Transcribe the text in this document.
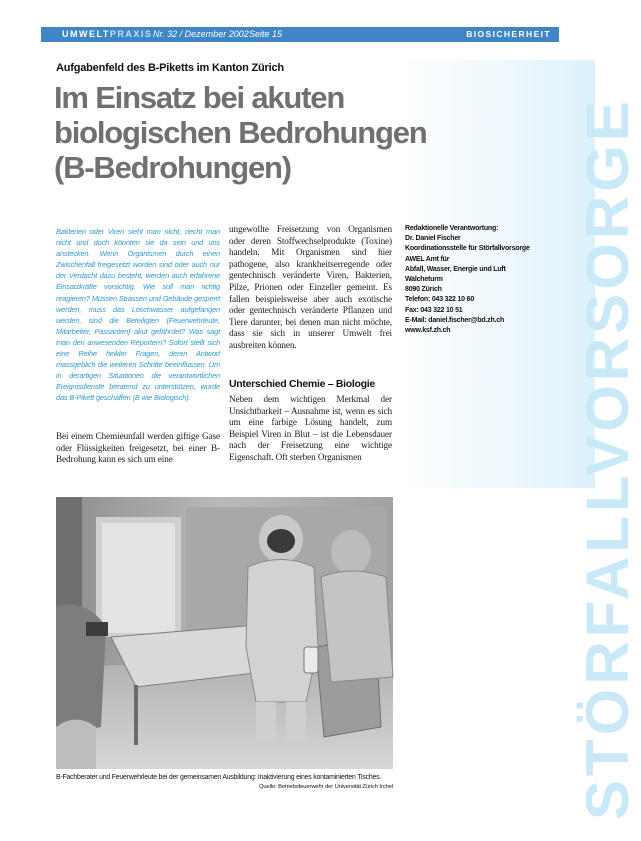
UMWELTPRAXIS Nr. 32 / Dezember 2002 Seite 15	BIOSICHERHEIT
STÖRFALLVORSORGE
Aufgabenfeld des B-Piketts im Kanton Zürich
Im Einsatz bei akuten
biologischen Bedrohungen
(B-Bedrohungen)

Bakterien oder Viren sieht man nicht, riecht man nicht und doch könnten sie da sein und uns anstecken. Wenn Organismen durch einen Zwischenfall freigesetzt worden sind oder auch nur der Verdacht dazu besteht, werden auch erfahrene Einsatzkräfte vorsichtig. Wie soll man richtig reagieren? Müssen Strassen und Gebäude gesperrt werden, muss das Löschwasser aufgefangen werden, sind die Beteiligten (Feuerwehrleute, Mitarbeiter, Passanten) akut gefährdet? Was sagt man den anwesenden Reportern? Sofort stellt sich eine Reihe heikler Fragen, deren Antwort massgeblich die weiteren Schritte beeinflussen. Um in derartigen Situationen die verantwortlichen Ereignisdienste beratend zu unterstützen, wurde das B-Pikett geschaffen (B wie Biologisch).

Bei einem Chemieunfall werden giftige Gase oder Flüssigkeiten freigesetzt, bei einer B-Bedrohung kann es sich um eine

ungewollte Freisetzung von Organismen oder deren Stoffwechselprodukte (Toxine) handeln. Mit Organismen sind hier pathogene, also krankheitserregende oder gentechnisch veränderte Viren, Bakterien, Pilze, Prionen oder Einzeller gemeint. Es fallen beispielsweise aber auch exotische oder gentechnisch veränderte Pflanzen und Tiere darunter, bei denen man nicht möchte, dass sie sich in unserer Umwelt frei ausbreiten können.

Unterschied Chemie – Biologie

Neben dem wichtigen Merkmal der Unsichtbarkeit – Ausnahme ist, wenn es sich um eine farbige Lösung handelt, zum Beispiel Viren in Blut – ist die Lebensdauer nach der Freisetzung eine wichtige Eigenschaft. Oft sterben Organismen

Redaktionelle Verantwortung:
Dr. Daniel Fischer
Koordinationsstelle für Störfallvorsorge
AWEL Amt für
Abfall, Wasser, Energie und Luft
Walcheturm
8090 Zürich
Telefon: 043 322 10 60
Fax: 043 322 10 51
E-Mail: daniel.fischer@bd.zh.ch
www.ksf.zh.ch
B-Fachberater und Feuerwehrleute bei der gemeinsamen Ausbildung: Inaktivierung eines kontaminierten Tisches.
Quelle: Betriebsfeuerwehr der Universität Zürich Irchel
